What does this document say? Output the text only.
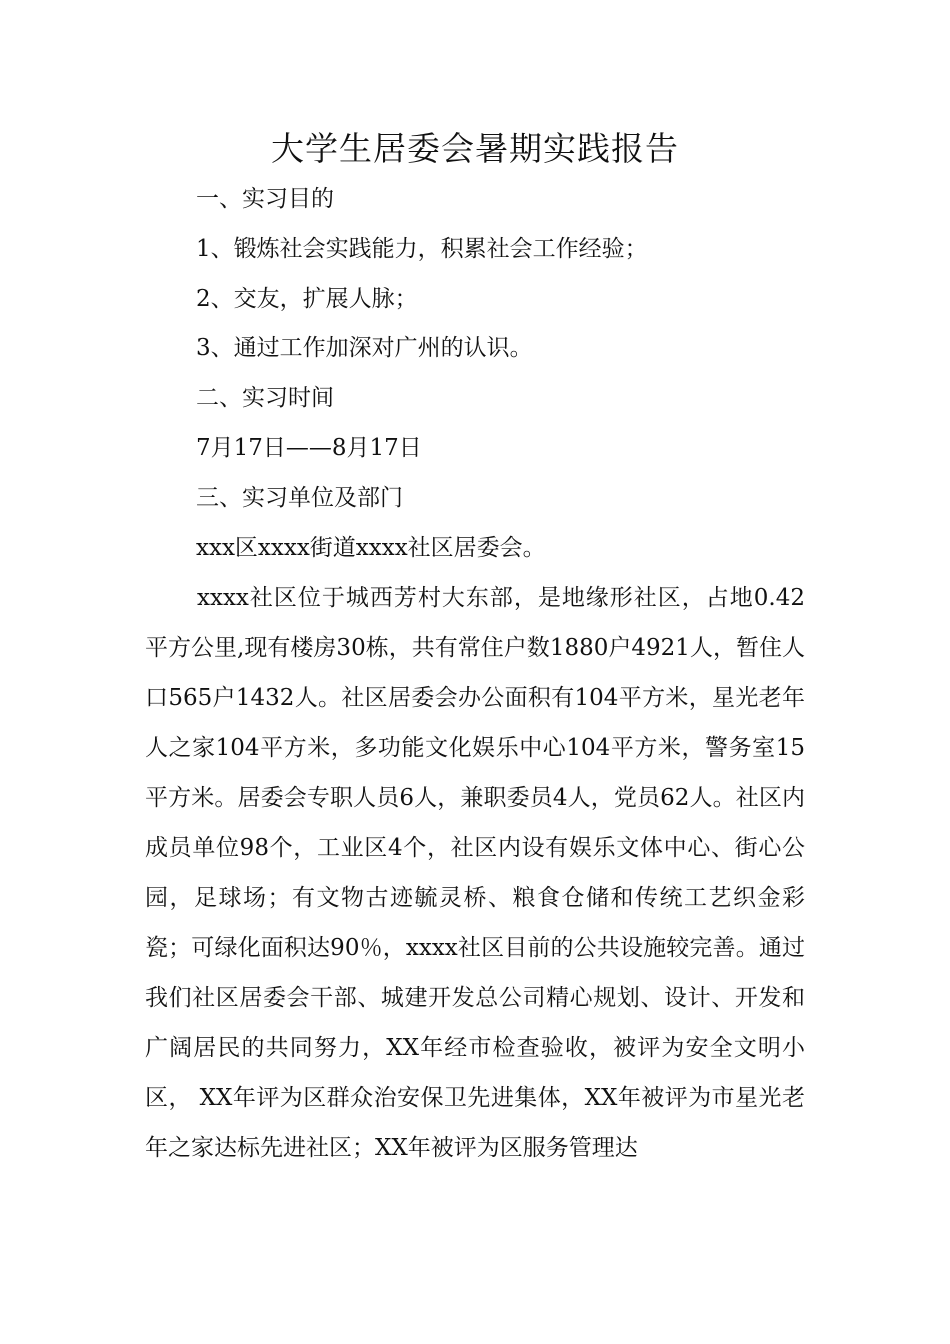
大学生居委会暑期实践报告

一、实习目的

1、锻炼社会实践能力，积累社会工作经验；

2、交友，扩展人脉；

3、通过工作加深对广州的认识。

二、实习时间

7月17日——8月17日

三、实习单位及部门

xxx区xxxx街道xxxx社区居委会。

xxxx社区位于城西芳村大东部，是地缘形社区，占地0.42平方公里,现有楼房30栋，共有常住户数1880户4921人，暂住人口565户1432人。社区居委会办公面积有104平方米，星光老年人之家104平方米，多功能文化娱乐中心104平方米，警务室15平方米。居委会专职人员6人，兼职委员4人，党员62人。社区内成员单位98个，工业区4个，社区内设有娱乐文体中心、街心公园，足球场；有文物古迹毓灵桥、粮食仓储和传统工艺织金彩瓷；可绿化面积达90％，xxxx社区目前的公共设施较完善。通过我们社区居委会干部、城建开发总公司精心规划、设计、开发和广阔居民的共同努力，XX年经市检查验收，被评为安全文明小区， XX年评为区群众治安保卫先进集体，XX年被评为市星光老年之家达标先进社区；XX年被评为区服务管理达
